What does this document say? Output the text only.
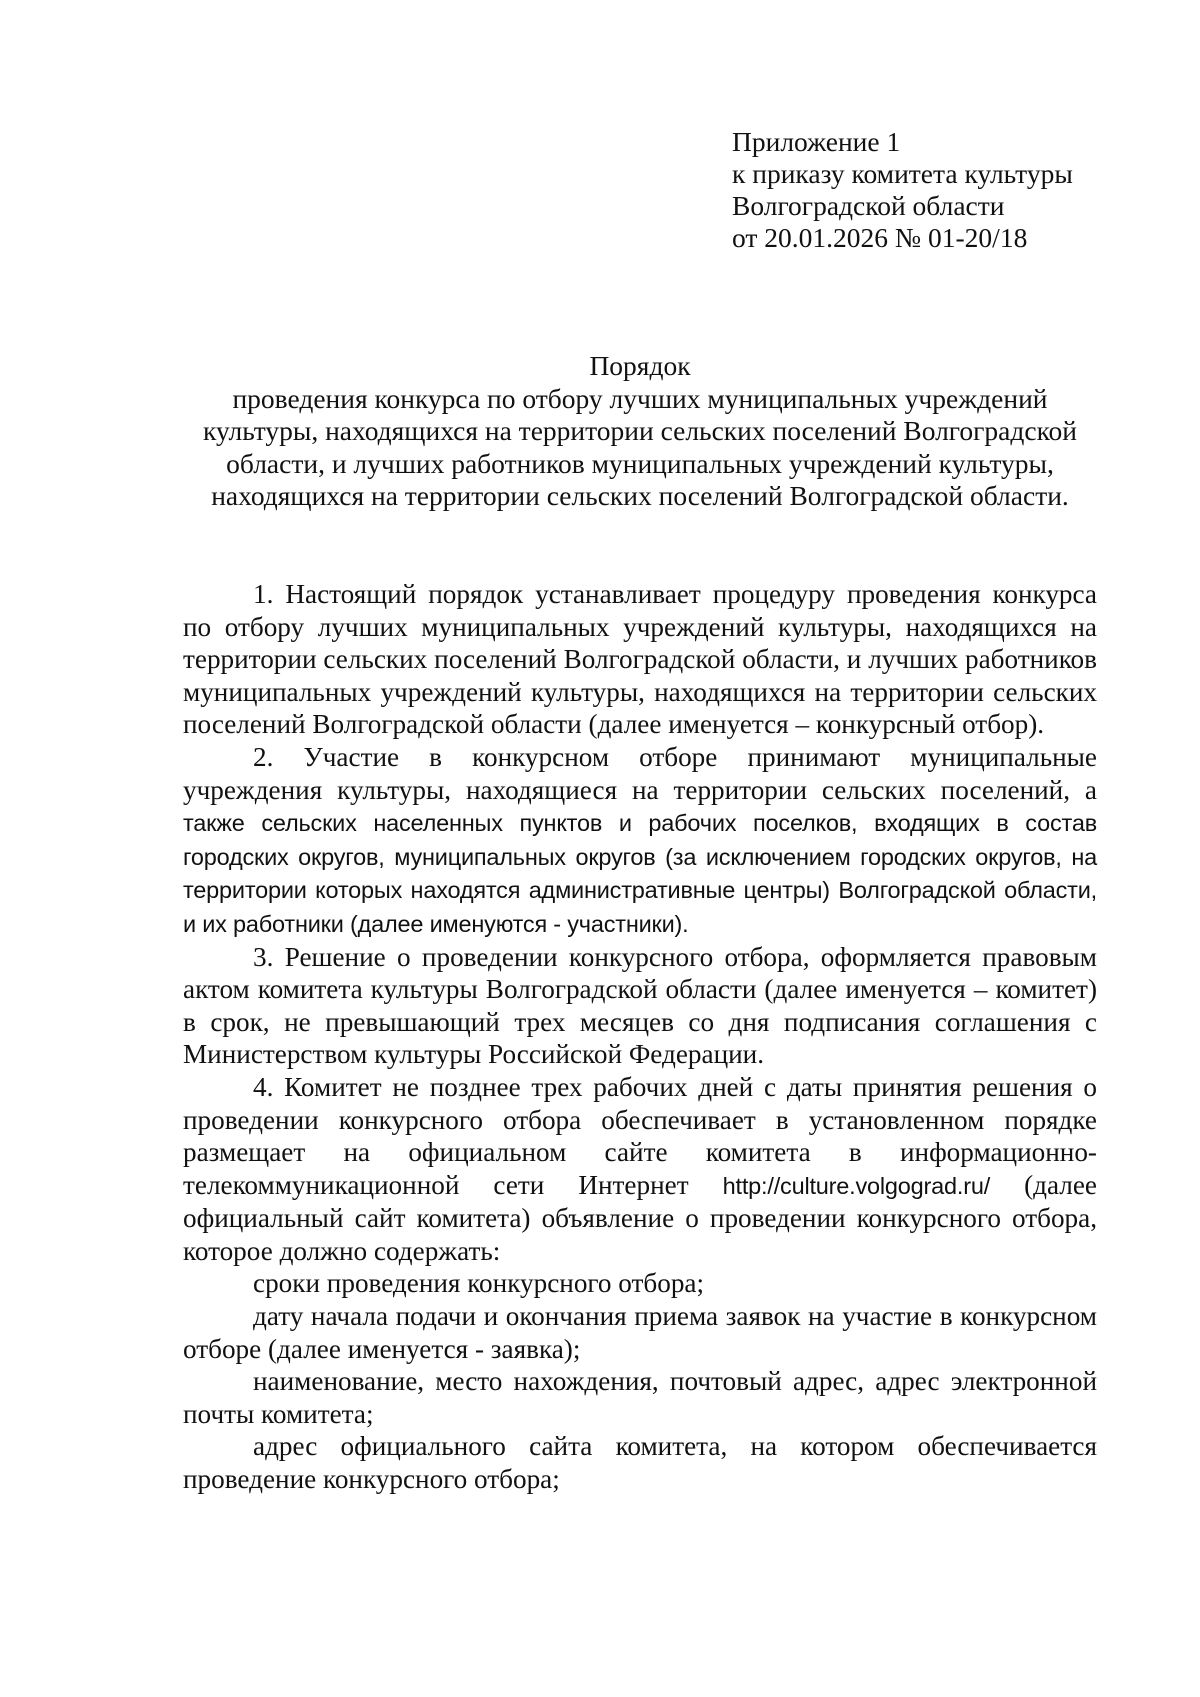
Приложение 1
к приказу комитета культуры
Волгоградской области
от 20.01.2026 № 01-20/18
Порядок
проведения конкурса по отбору лучших муниципальных учреждений
культуры, находящихся на территории сельских поселений Волгоградской
области, и лучших работников муниципальных учреждений культуры,
находящихся на территории сельских поселений Волгоградской области.

1. Настоящий порядок устанавливает процедуру проведения конкурса по отбору лучших муниципальных учреждений культуры, находящихся на территории сельских поселений Волгоградской области, и лучших работников муниципальных учреждений культуры, находящихся на территории сельских поселений Волгоградской области (далее именуется – конкурсный отбор).

2. Участие в конкурсном отборе принимают муниципальные учреждения культуры, находящиеся на территории сельских поселений, а также сельских населенных пунктов и рабочих поселков, входящих в состав городских округов, муниципальных округов (за исключением городских округов, на территории которых находятся административные центры) Волгоградской области, и их работники (далее именуются - участники).

3. Решение о проведении конкурсного отбора, оформляется правовым актом комитета культуры Волгоградской области (далее именуется – комитет) в срок, не превышающий трех месяцев со дня подписания соглашения с Министерством культуры Российской Федерации.

4. Комитет не позднее трех рабочих дней с даты принятия решения о проведении конкурсного отбора обеспечивает в установленном порядке размещает на официальном сайте комитета в информационно-телекоммуникационной сети Интернет http://culture.volgograd.ru/ (далее официальный сайт комитета) объявление о проведении конкурсного отбора, которое должно содержать:

сроки проведения конкурсного отбора;

дату начала подачи и окончания приема заявок на участие в конкурсном отборе (далее именуется - заявка);

наименование, место нахождения, почтовый адрес, адрес электронной почты комитета;

адрес официального сайта комитета, на котором обеспечивается проведение конкурсного отбора;
